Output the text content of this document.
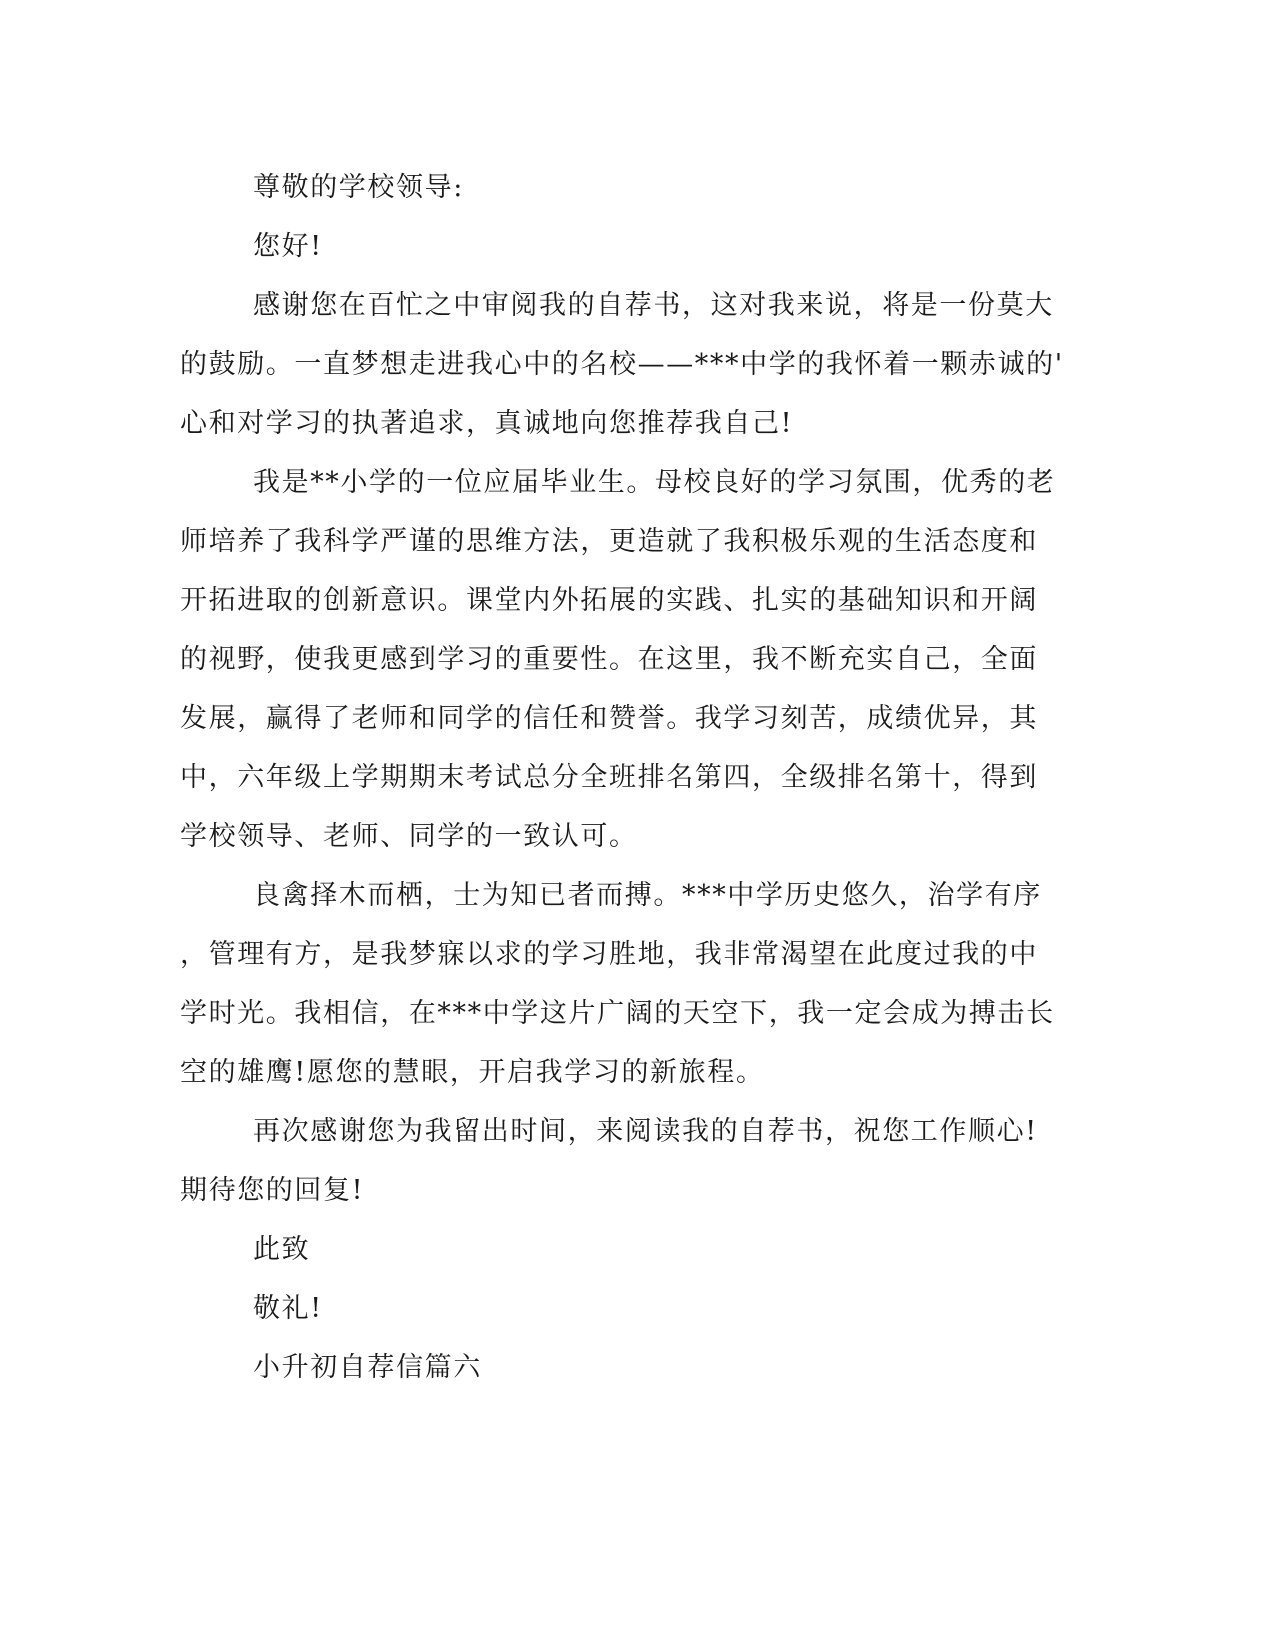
尊敬的学校领导:
您好!
感谢您在百忙之中审阅我的自荐书，这对我来说，将是一份莫大
的鼓励。一直梦想走进我心中的名校——***中学的我怀着一颗赤诚的'
心和对学习的执著追求，真诚地向您推荐我自己!
我是**小学的一位应届毕业生。母校良好的学习氛围，优秀的老
师培养了我科学严谨的思维方法，更造就了我积极乐观的生活态度和
开拓进取的创新意识。课堂内外拓展的实践、扎实的基础知识和开阔
的视野，使我更感到学习的重要性。在这里，我不断充实自己，全面
发展，赢得了老师和同学的信任和赞誉。我学习刻苦，成绩优异，其
中，六年级上学期期末考试总分全班排名第四，全级排名第十，得到
学校领导、老师、同学的一致认可。
良禽择木而栖，士为知已者而搏。***中学历史悠久，治学有序
，管理有方，是我梦寐以求的学习胜地，我非常渴望在此度过我的中
学时光。我相信，在***中学这片广阔的天空下，我一定会成为搏击长
空的雄鹰!愿您的慧眼，开启我学习的新旅程。
再次感谢您为我留出时间，来阅读我的自荐书，祝您工作顺心!
期待您的回复!
此致
敬礼!
小升初自荐信篇六
